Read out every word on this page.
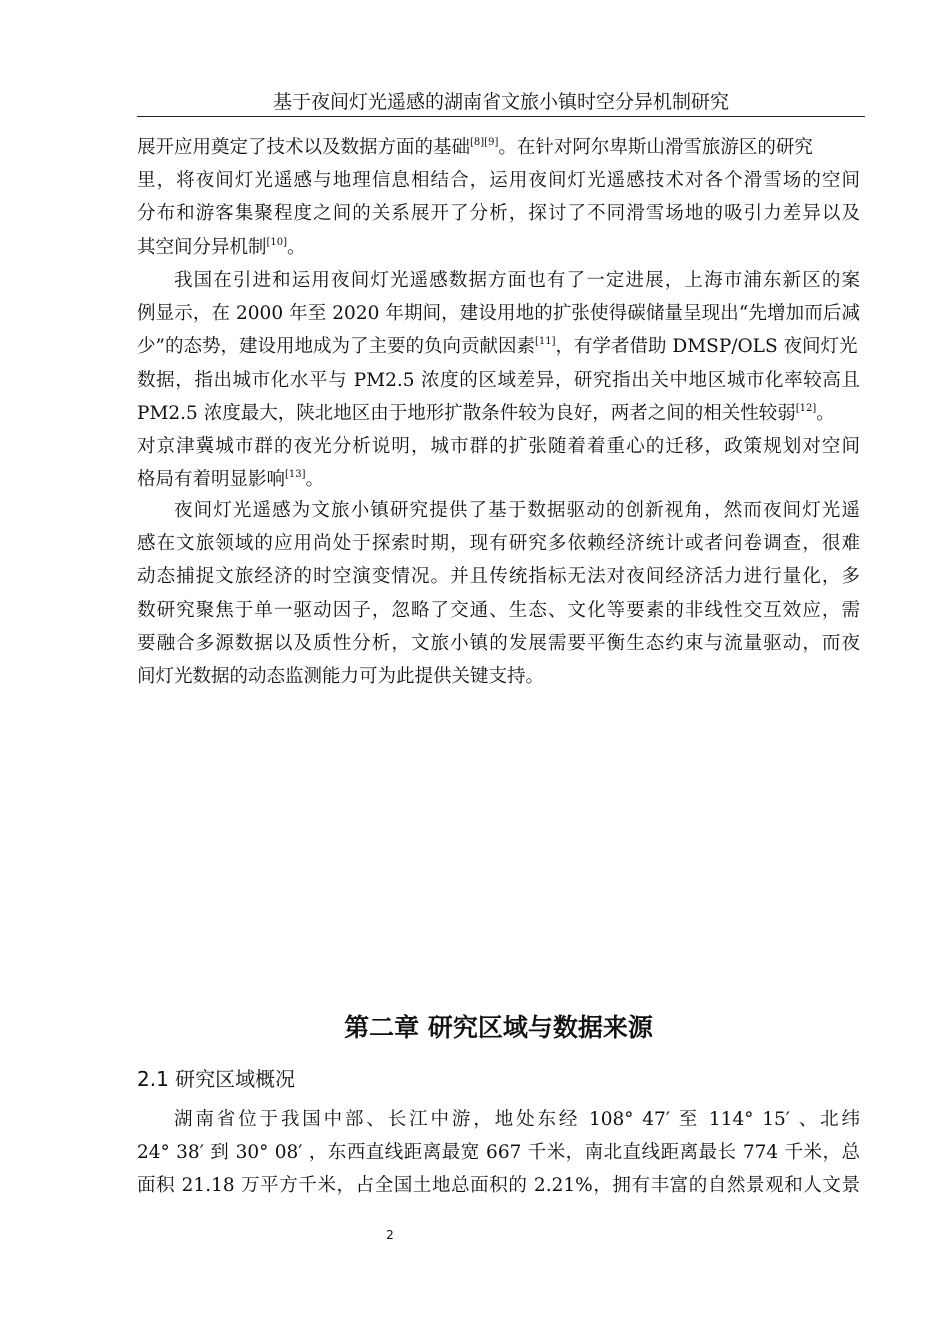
基于夜间灯光遥感的湖南省文旅小镇时空分异机制研究
展开应用奠定了技术以及数据方面的基础[8][9]。在针对阿尔卑斯山滑雪旅游区的研究
里，将夜间灯光遥感与地理信息相结合，运用夜间灯光遥感技术对各个滑雪场的空间
分布和游客集聚程度之间的关系展开了分析，探讨了不同滑雪场地的吸引力差异以及
其空间分异机制[10]。
我国在引进和运用夜间灯光遥感数据方面也有了一定进展，上海市浦东新区的案
例显示，在 2000 年至 2020 年期间，建设用地的扩张使得碳储量呈现出“先增加而后减
少”的态势，建设用地成为了主要的负向贡献因素[11]，有学者借助 DMSP/OLS 夜间灯光
数据，指出城市化水平与 PM2.5 浓度的区域差异，研究指出关中地区城市化率较高且
PM2.5 浓度最大，陕北地区由于地形扩散条件较为良好，两者之间的相关性较弱[12]。
对京津冀城市群的夜光分析说明，城市群的扩张随着着重心的迁移，政策规划对空间
格局有着明显影响[13]。
夜间灯光遥感为文旅小镇研究提供了基于数据驱动的创新视角，然而夜间灯光遥
感在文旅领域的应用尚处于探索时期，现有研究多依赖经济统计或者问卷调查，很难
动态捕捉文旅经济的时空演变情况。并且传统指标无法对夜间经济活力进行量化，多
数研究聚焦于单一驱动因子，忽略了交通、生态、文化等要素的非线性交互效应，需
要融合多源数据以及质性分析，文旅小镇的发展需要平衡生态约束与流量驱动，而夜
间灯光数据的动态监测能力可为此提供关键支持。
第二章 研究区域与数据来源
2.1 研究区域概况
湖南省位于我国中部、长江中游，地处东经 108° 47′ 至 114° 15′ 、北纬
24° 38′ 到 30° 08′ ，东西直线距离最宽 667 千米，南北直线距离最长 774 千米，总
面积 21.18 万平方千米，占全国土地总面积的 2.21%，拥有丰富的自然景观和人文景
2
